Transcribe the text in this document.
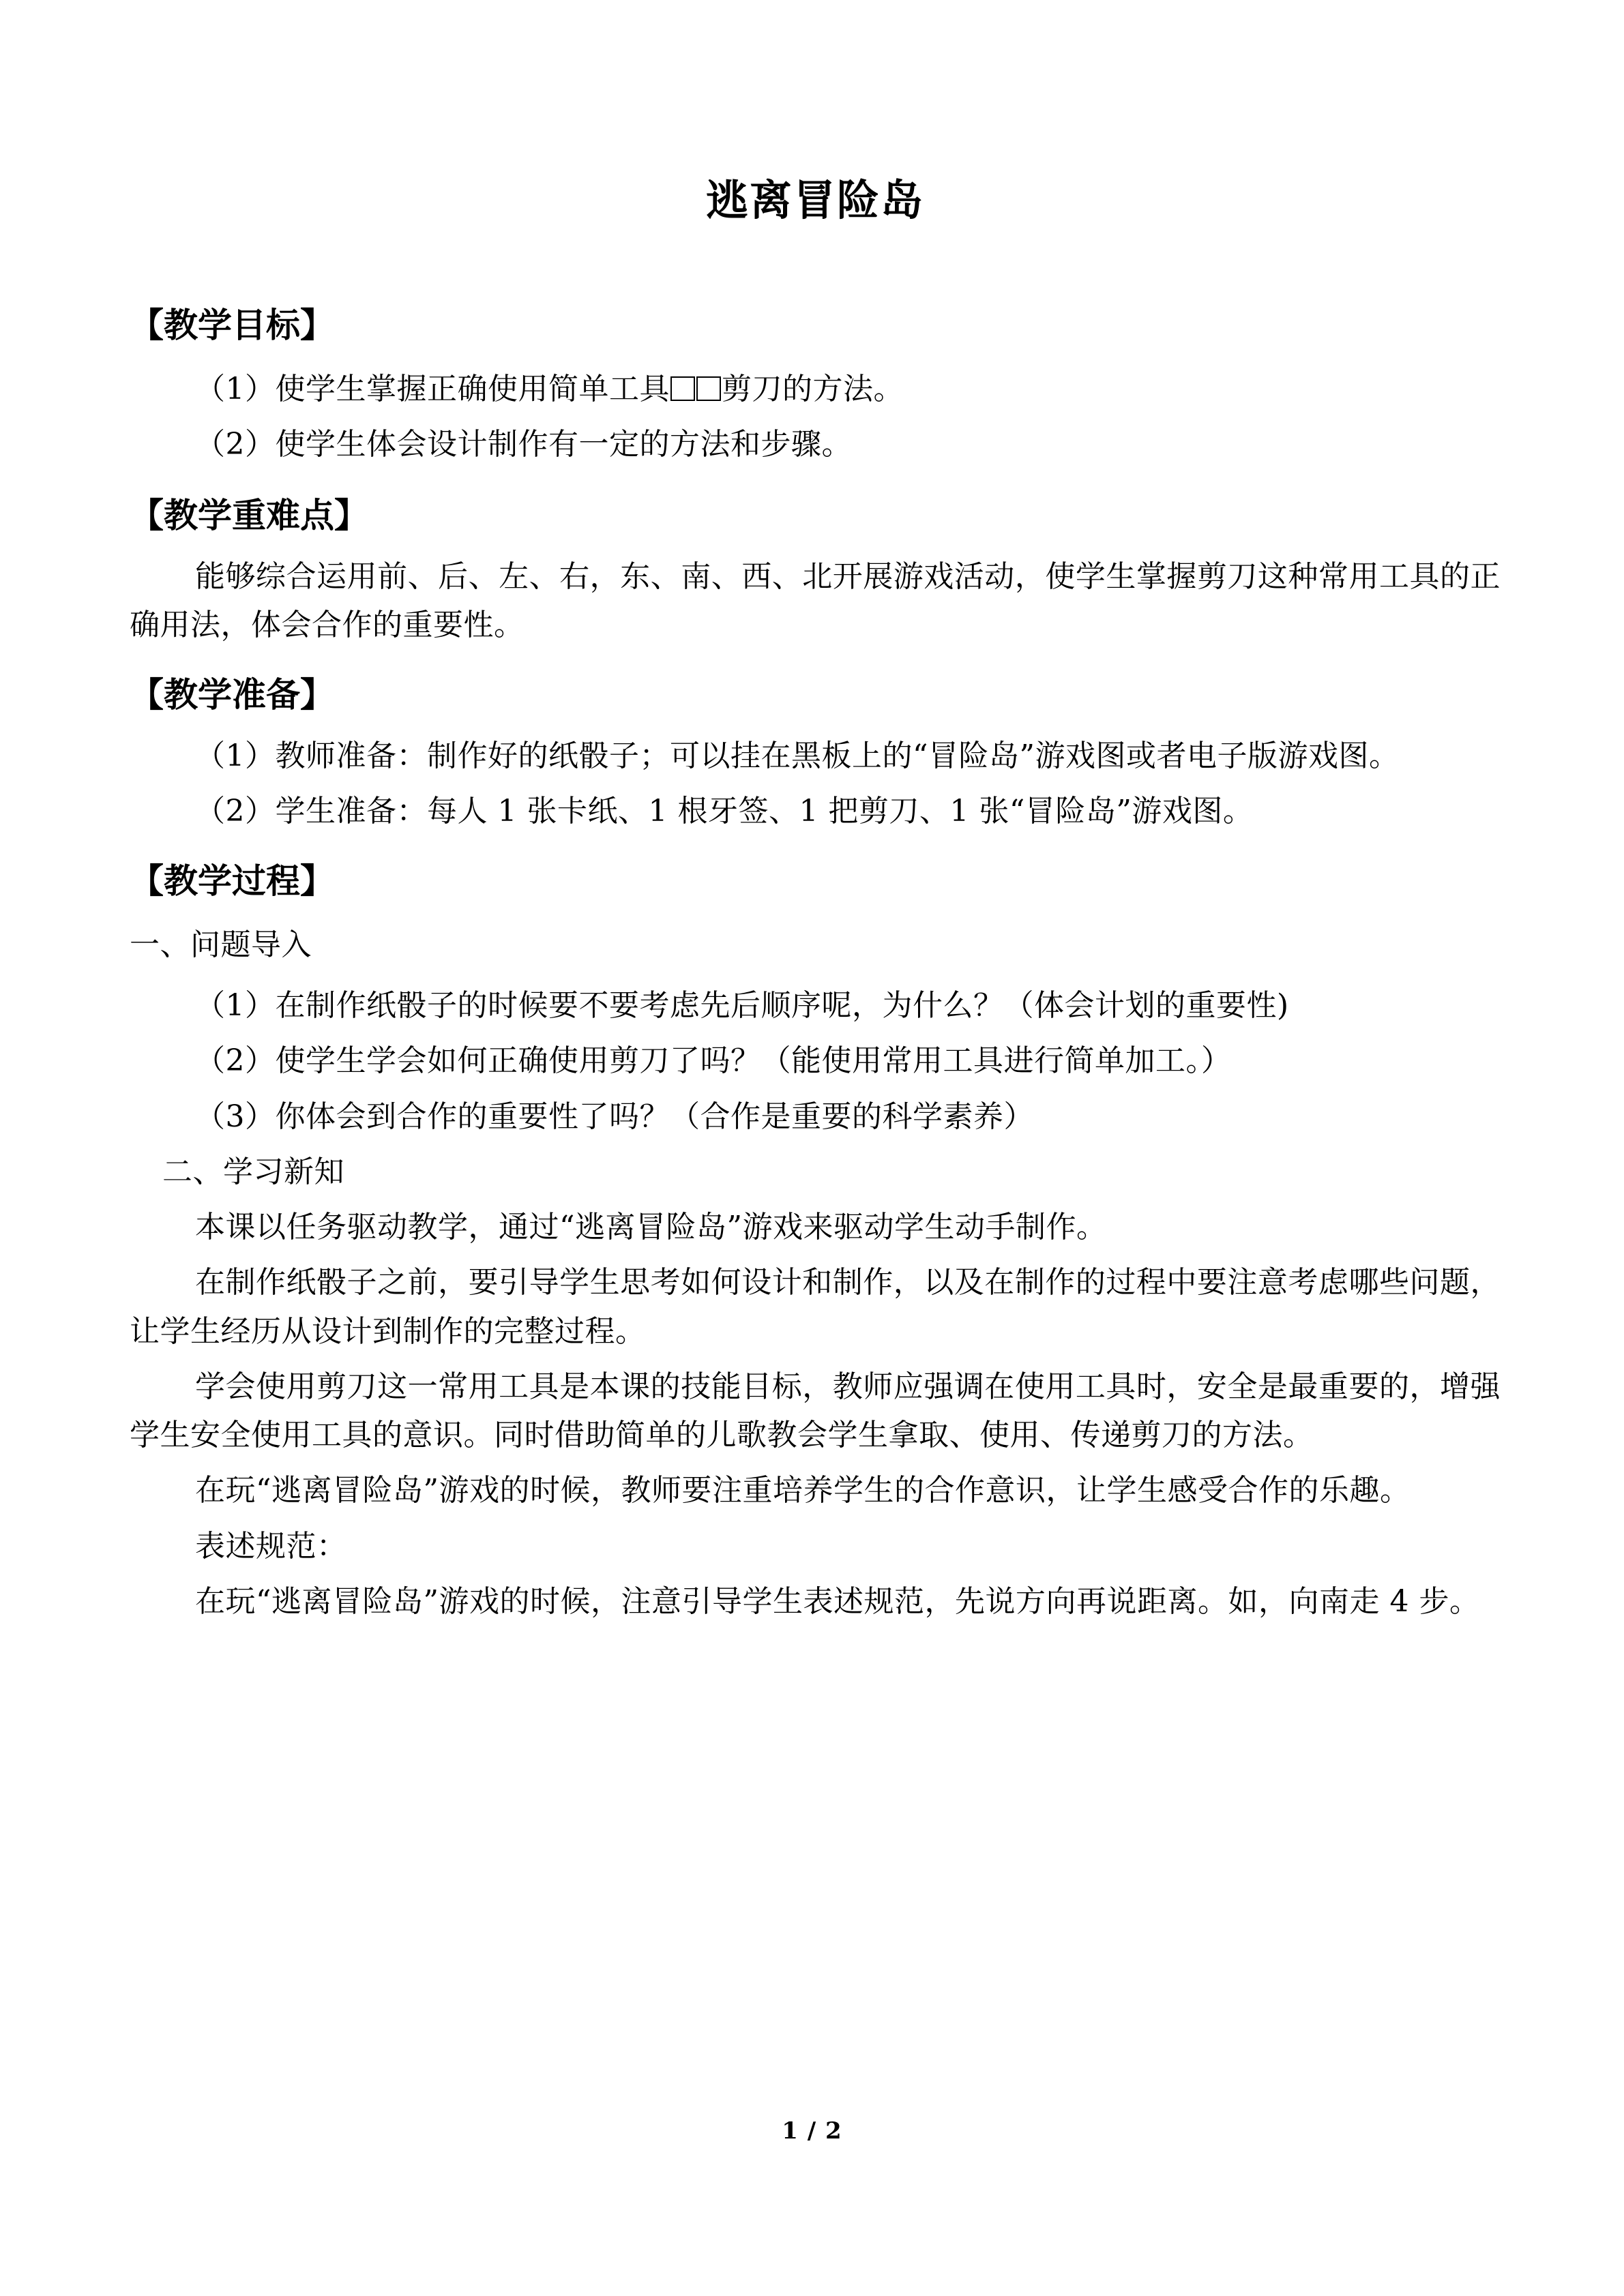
逃离冒险岛
【教学目标】

（1）使学生掌握正确使用简单工具 剪刀的方法。

（2）使学生体会设计制作有一定的方法和步骤。

【教学重难点】

能够综合运用前、后、左、右，东、南、西、北开展游戏活动，使学生掌握剪刀这种常用工具的正确用法，体会合作的重要性。

【教学准备】

（1）教师准备：制作好的纸骰子；可以挂在黑板上的“冒险岛”游戏图或者电子版游戏图。

（2）学生准备：每人 1 张卡纸、1 根牙签、1 把剪刀、1 张“冒险岛”游戏图。

【教学过程】

一、问题导入

（1）在制作纸骰子的时候要不要考虑先后顺序呢，为什么？（体会计划的重要性)

（2）使学生学会如何正确使用剪刀了吗？（能使用常用工具进行简单加工。）

（3）你体会到合作的重要性了吗？（合作是重要的科学素养）

二、学习新知

本课以任务驱动教学，通过“逃离冒险岛”游戏来驱动学生动手制作。

在制作纸骰子之前，要引导学生思考如何设计和制作，以及在制作的过程中要注意考虑哪些问题，让学生经历从设计到制作的完整过程。

学会使用剪刀这一常用工具是本课的技能目标，教师应强调在使用工具时，安全是最重要的，增强学生安全使用工具的意识。同时借助简单的儿歌教会学生拿取、使用、传递剪刀的方法。

在玩“逃离冒险岛”游戏的时候，教师要注重培养学生的合作意识，让学生感受合作的乐趣。

表述规范：

在玩“逃离冒险岛”游戏的时候，注意引导学生表述规范，先说方向再说距离。如，向南走 4 步。

1 / 2
